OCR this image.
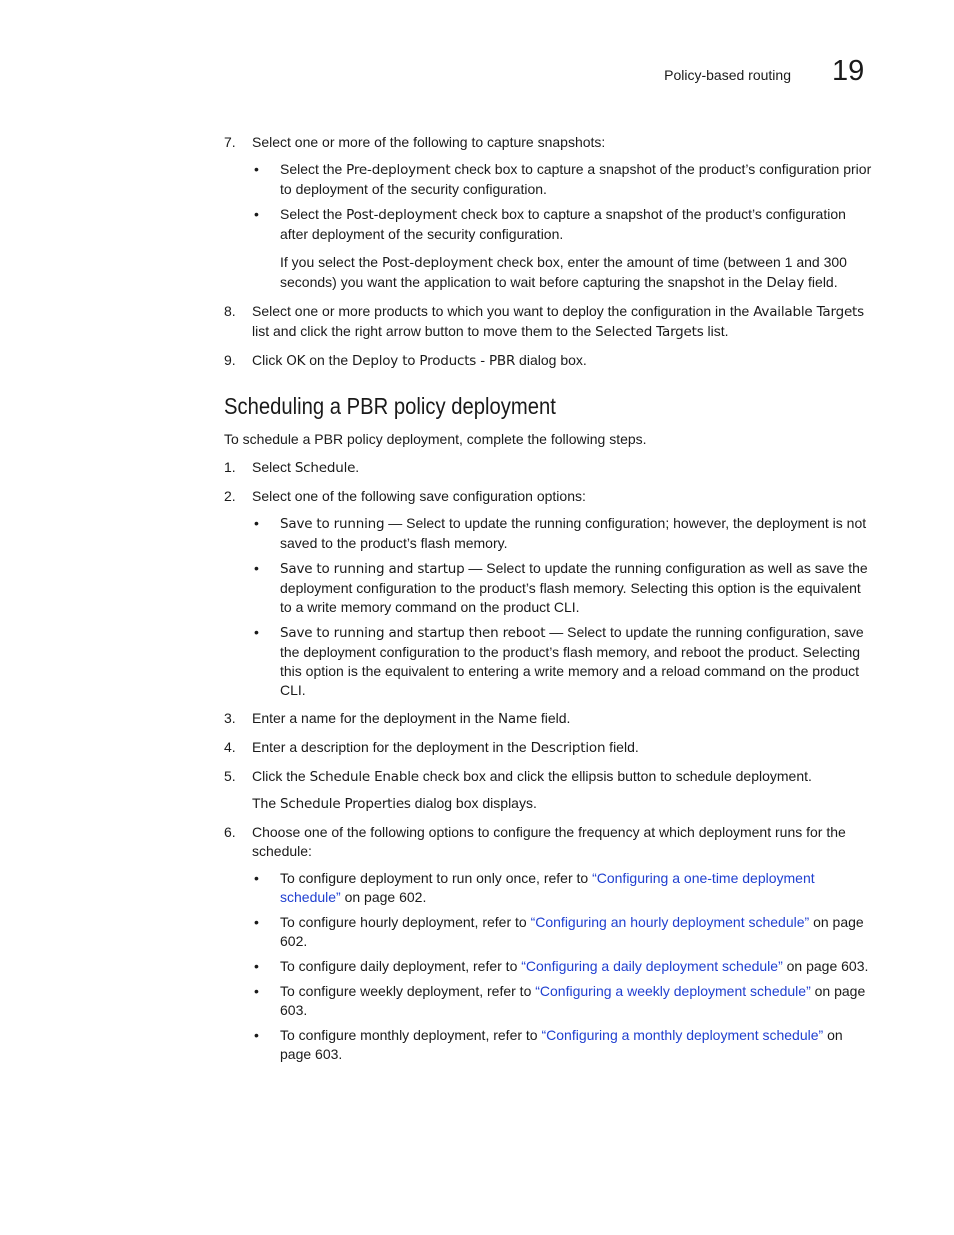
Policy-based routing 19
7. Select one or more of the following to capture snapshots:
• Select the Pre-deployment check box to capture a snapshot of the product’s configuration prior to deployment of the security configuration.
• Select the Post-deployment check box to capture a snapshot of the product’s configuration after deployment of the security configuration.
If you select the Post-deployment check box, enter the amount of time (between 1 and 300 seconds) you want the application to wait before capturing the snapshot in the Delay field.
8. Select one or more products to which you want to deploy the configuration in the Available Targets list and click the right arrow button to move them to the Selected Targets list.
9. Click OK on the Deploy to Products - PBR dialog box.
Scheduling a PBR policy deployment
To schedule a PBR policy deployment, complete the following steps.
1. Select Schedule.
2. Select one of the following save configuration options:
• Save to running — Select to update the running configuration; however, the deployment is not saved to the product’s flash memory.
• Save to running and startup — Select to update the running configuration as well as save the deployment configuration to the product’s flash memory. Selecting this option is the equivalent to a write memory command on the product CLI.
• Save to running and startup then reboot — Select to update the running configuration, save the deployment configuration to the product’s flash memory, and reboot the product. Selecting this option is the equivalent to entering a write memory and a reload command on the product CLI.
3. Enter a name for the deployment in the Name field.
4. Enter a description for the deployment in the Description field.
5. Click the Schedule Enable check box and click the ellipsis button to schedule deployment.
The Schedule Properties dialog box displays.
6. Choose one of the following options to configure the frequency at which deployment runs for the schedule:
• To configure deployment to run only once, refer to “Configuring a one-time deployment schedule” on page 602.
• To configure hourly deployment, refer to “Configuring an hourly deployment schedule” on page 602.
• To configure daily deployment, refer to “Configuring a daily deployment schedule” on page 603.
• To configure weekly deployment, refer to “Configuring a weekly deployment schedule” on page 603.
• To configure monthly deployment, refer to “Configuring a monthly deployment schedule” on page 603.
